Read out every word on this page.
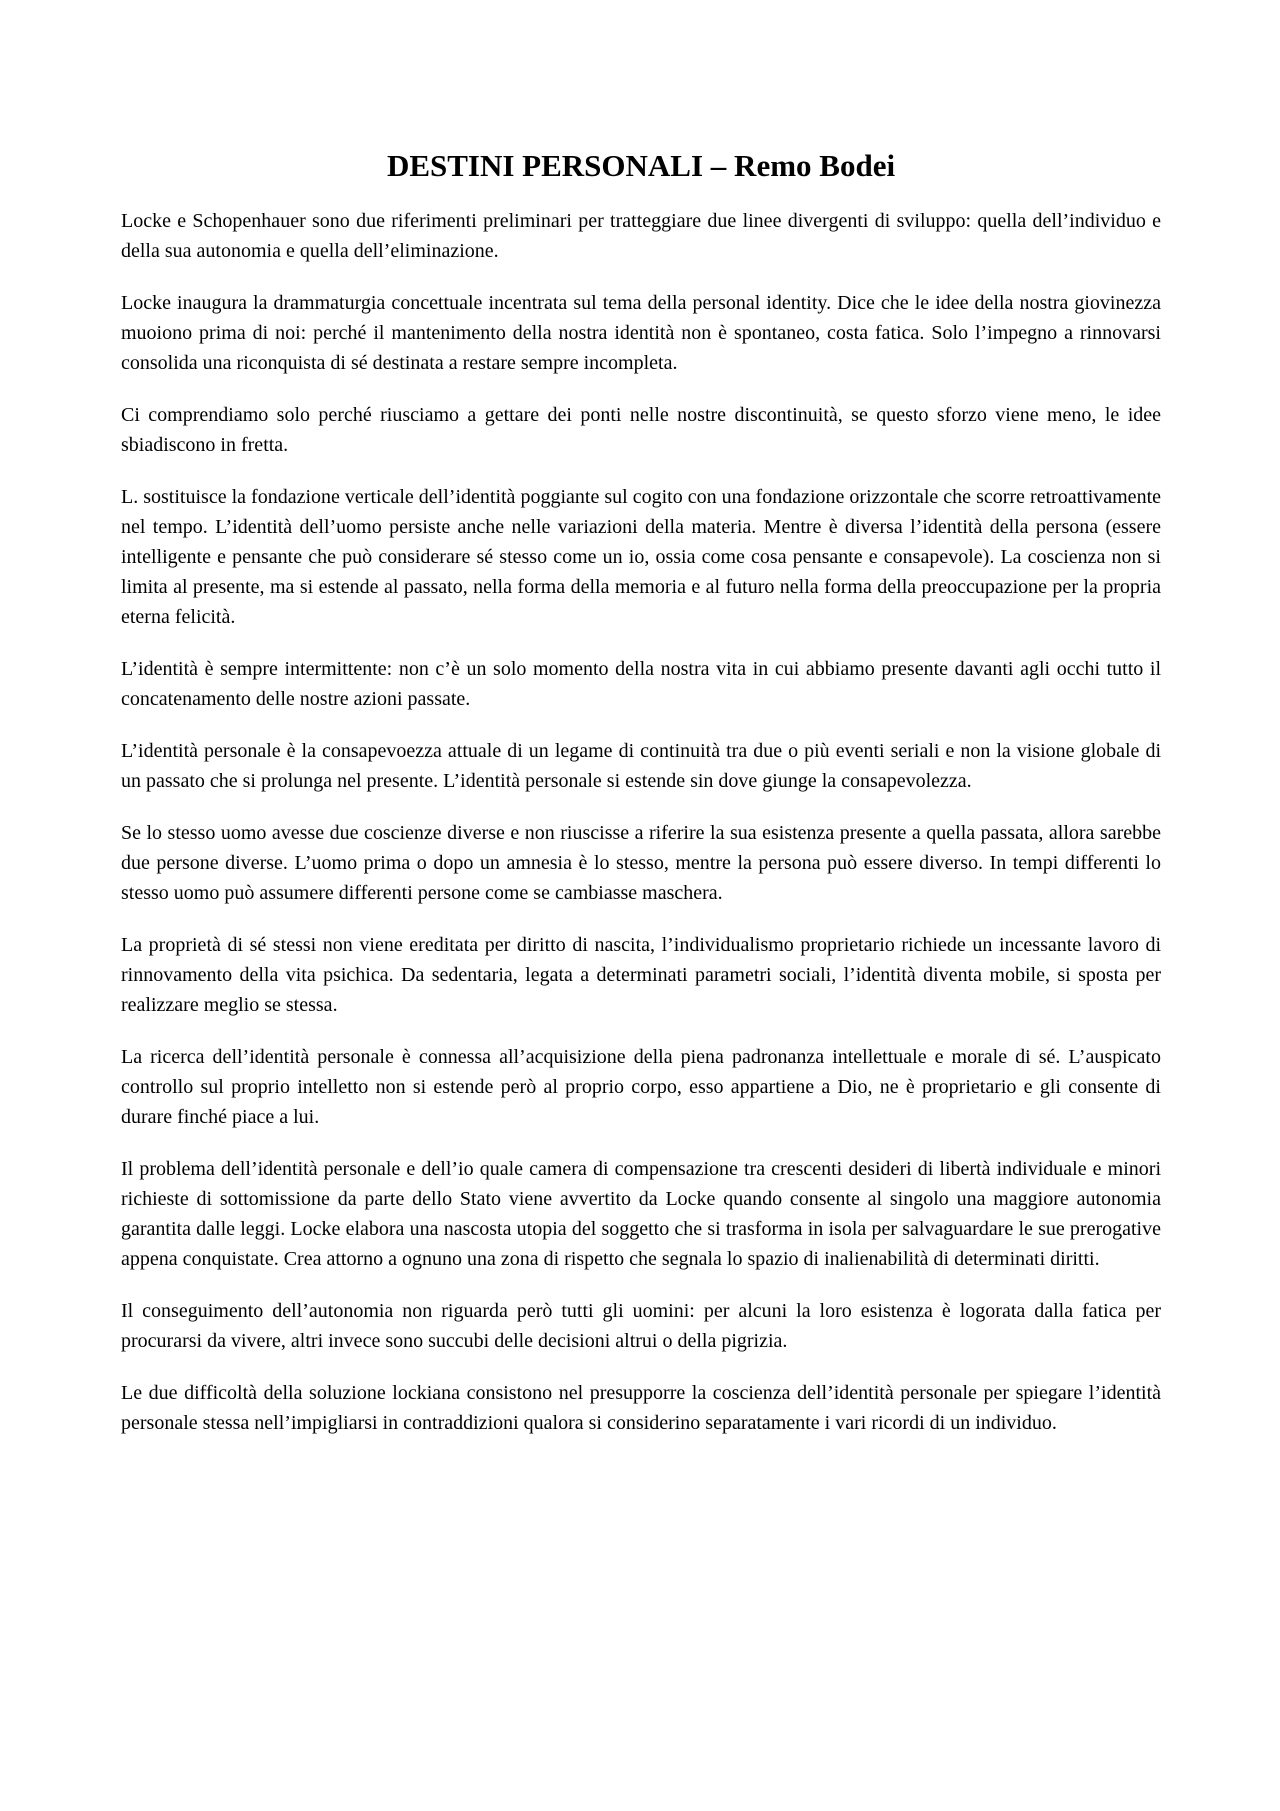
DESTINI PERSONALI – Remo Bodei

Locke e Schopenhauer sono due riferimenti preliminari per tratteggiare due linee divergenti di sviluppo: quella dell’individuo e della sua autonomia e quella dell’eliminazione.

Locke inaugura la drammaturgia concettuale incentrata sul tema della personal identity. Dice che le idee della nostra giovinezza muoiono prima di noi: perché il mantenimento della nostra identità non è spontaneo, costa fatica. Solo l’impegno a rinnovarsi consolida una riconquista di sé destinata a restare sempre incompleta.

Ci comprendiamo solo perché riusciamo a gettare dei ponti nelle nostre discontinuità, se questo sforzo viene meno, le idee sbiadiscono in fretta.

L. sostituisce la fondazione verticale dell’identità poggiante sul cogito con una fondazione orizzontale che scorre retroattivamente nel tempo. L’identità dell’uomo persiste anche nelle variazioni della materia. Mentre è diversa l’identità della persona (essere intelligente e pensante che può considerare sé stesso come un io, ossia come cosa pensante e consapevole). La coscienza non si limita al presente, ma si estende al passato, nella forma della memoria e al futuro nella forma della preoccupazione per la propria eterna felicità.

L’identità è sempre intermittente: non c’è un solo momento della nostra vita in cui abbiamo presente davanti agli occhi tutto il concatenamento delle nostre azioni passate.

L’identità personale è la consapevoezza attuale di un legame di continuità tra due o più eventi seriali e non la visione globale di un passato che si prolunga nel presente. L’identità personale si estende sin dove giunge la consapevolezza.

Se lo stesso uomo avesse due coscienze diverse e non riuscisse a riferire la sua esistenza presente a quella passata, allora sarebbe due persone diverse. L’uomo prima o dopo un amnesia è lo stesso, mentre la persona può essere diverso. In tempi differenti lo stesso uomo può assumere differenti persone come se cambiasse maschera.

La proprietà di sé stessi non viene ereditata per diritto di nascita, l’individualismo proprietario richiede un incessante lavoro di rinnovamento della vita psichica. Da sedentaria, legata a determinati parametri sociali, l’identità diventa mobile, si sposta per realizzare meglio se stessa.

La ricerca dell’identità personale è connessa all’acquisizione della piena padronanza intellettuale e morale di sé. L’auspicato controllo sul proprio intelletto non si estende però al proprio corpo, esso appartiene a Dio, ne è proprietario e gli consente di durare finché piace a lui.

Il problema dell’identità personale e dell’io quale camera di compensazione tra crescenti desideri di libertà individuale e minori richieste di sottomissione da parte dello Stato viene avvertito da Locke quando consente al singolo una maggiore autonomia garantita dalle leggi. Locke elabora una nascosta utopia del soggetto che si trasforma in isola per salvaguardare le sue prerogative appena conquistate. Crea attorno a ognuno una zona di rispetto che segnala lo spazio di inalienabilità di determinati diritti.

Il conseguimento dell’autonomia non riguarda però tutti gli uomini: per alcuni la loro esistenza è logorata dalla fatica per procurarsi da vivere, altri invece sono succubi delle decisioni altrui o della pigrizia.

Le due difficoltà della soluzione lockiana consistono nel presupporre la coscienza dell’identità personale per spiegare l’identità personale stessa nell’impigliarsi in contraddizioni qualora si considerino separatamente i vari ricordi di un individuo.
